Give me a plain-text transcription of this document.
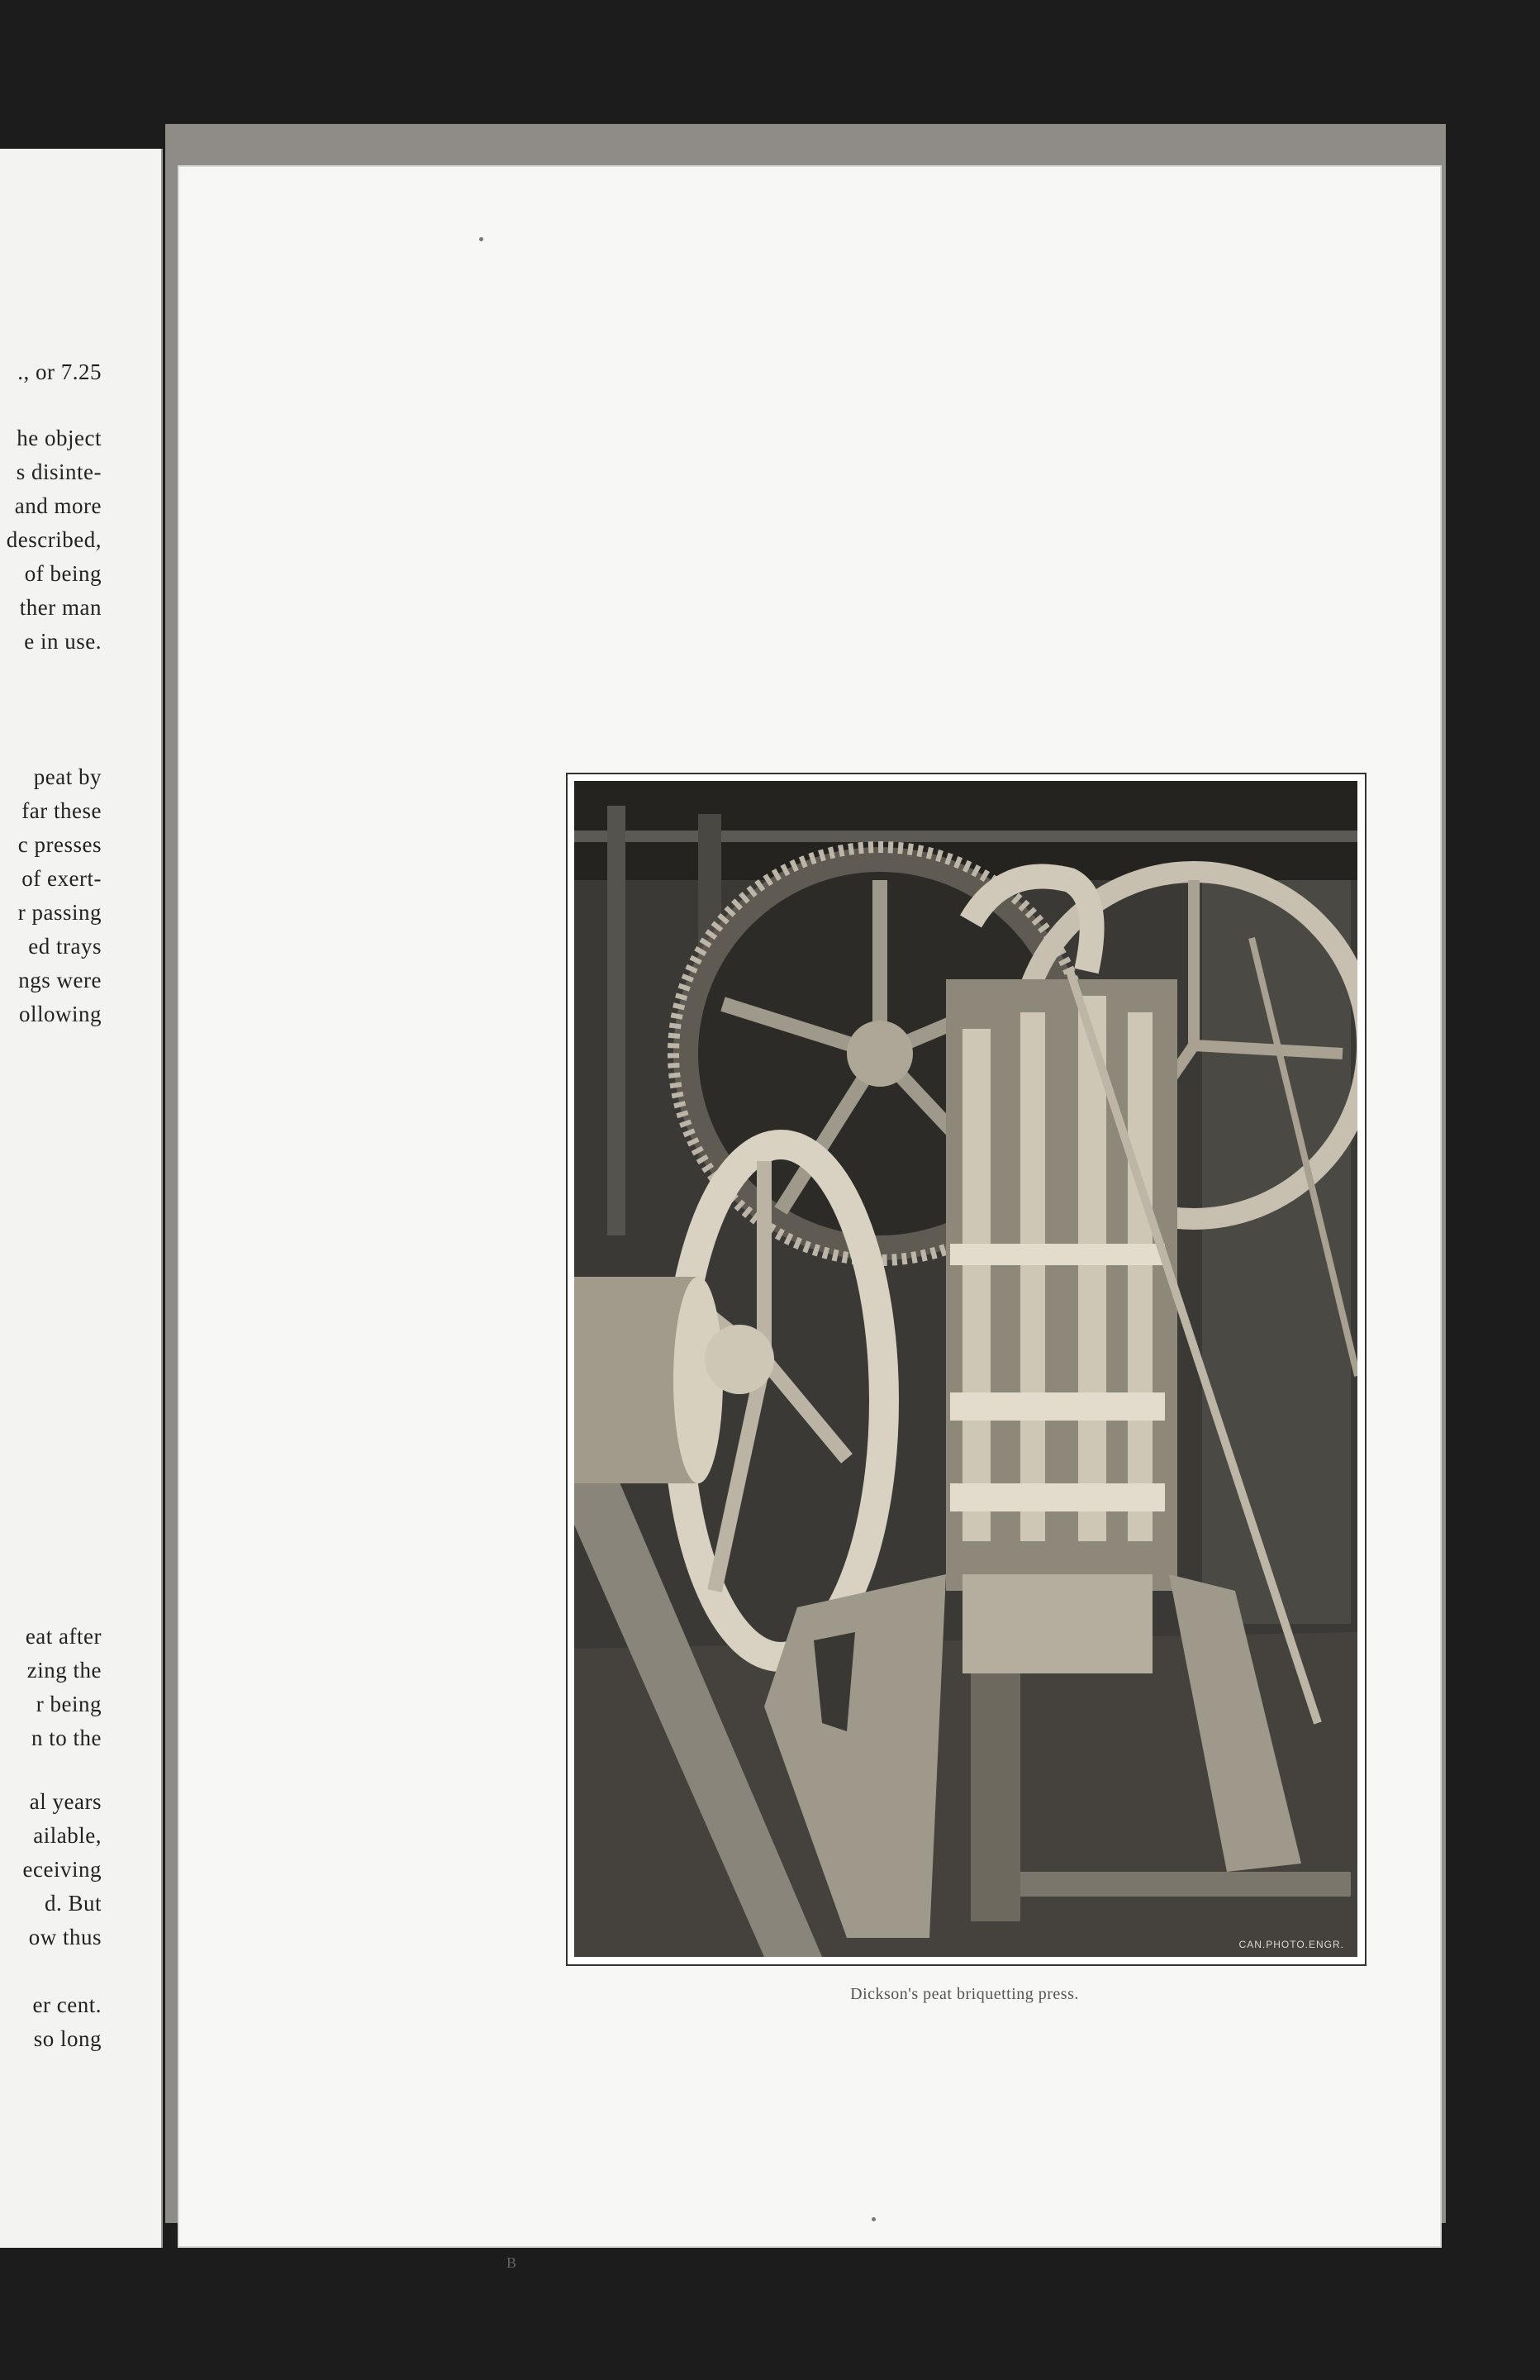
., or 7.25
he object
s disinte-
and more
described,
of being
ther man
e in use.
peat by
far these
c presses
of exert-
r passing
ed trays
ngs were
ollowing
eat after
zing the
r being
n to the
al years
ailable,
eceiving
d. But
ow thus
er cent.
so long
CAN.PHOTO.ENGR.
Dickson's peat briquetting press.
B
